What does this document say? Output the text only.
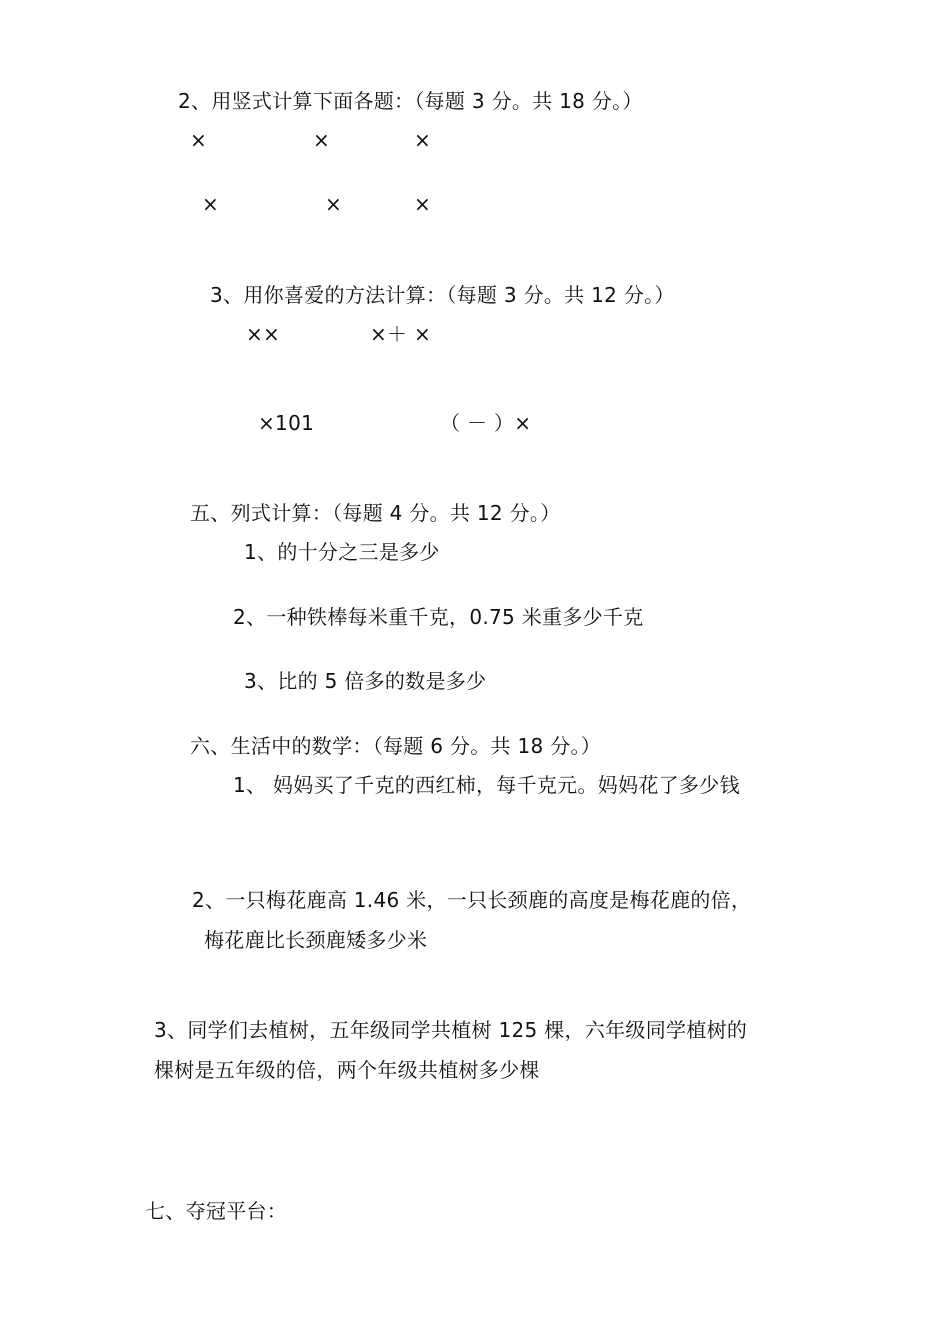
2、用竖式计算下面各题：（每题 3 分。共 18 分。）
×	×	×
×	×	×
3、用你喜爱的方法计算：（每题 3 分。共 12 分。）
××	×＋ ×
×101	（ － ）×
五、列式计算：（每题 4 分。共 12 分。）
1、的十分之三是多少
2、一种铁棒每米重千克，0.75 米重多少千克
3、比的 5 倍多的数是多少
六、生活中的数学：（每题 6 分。共 18 分。）
1、 妈妈买了千克的西红柿，每千克元。妈妈花了多少钱
2、一只梅花鹿高 1.46 米，一只长颈鹿的高度是梅花鹿的倍，
梅花鹿比长颈鹿矮多少米
3、同学们去植树，五年级同学共植树 125 棵，六年级同学植树的
棵树是五年级的倍，两个年级共植树多少棵
七、夺冠平台：
